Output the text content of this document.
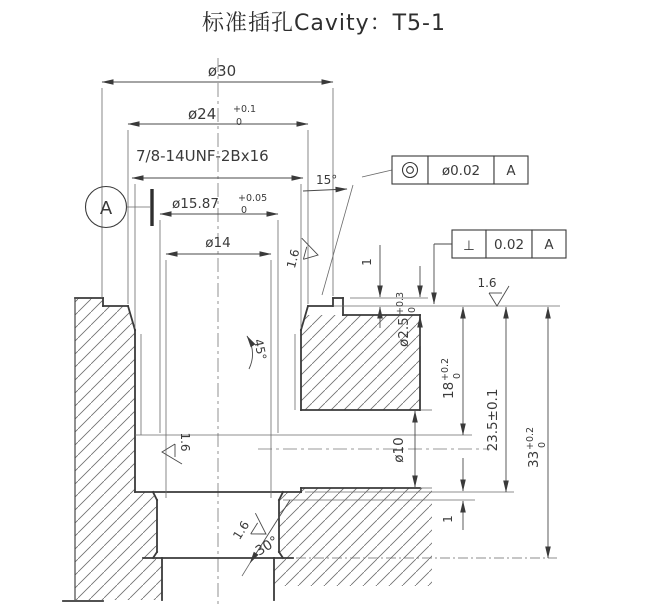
标准插孔Cavity：T5-1
ø30
ø24 +0.1
0
7/8-14UNF-2Bx16
ø15.87 +0.05
0
ø14
15°
45°
30°
1
ø2.5
+0.3 0
ø10
18
+0.2 0
23.5±0.1
33
+0.2 0
1
A
ø0.02 A
⊥ 0.02 A
1.6
1.6
1.6
1.6
